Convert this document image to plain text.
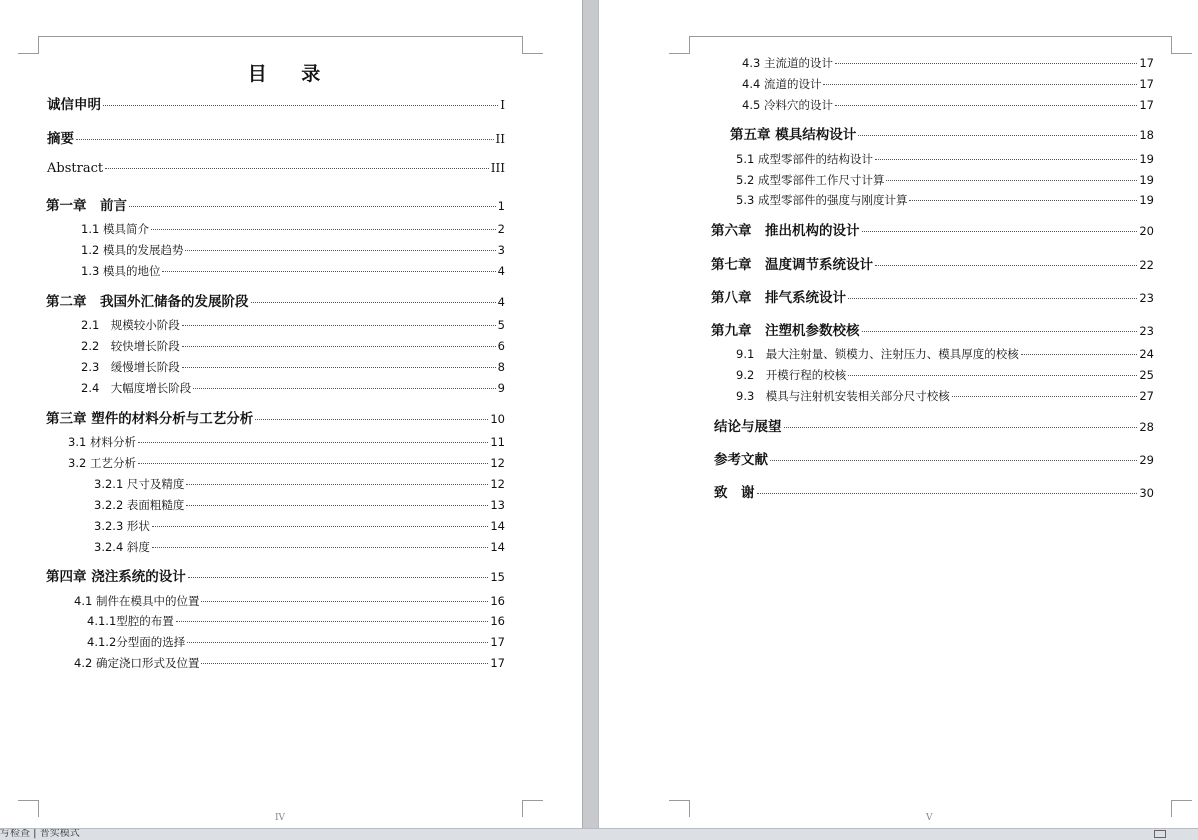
目 录
诚信申明	I
摘要	II
Abstract	III
第一章　前言	1
1.1 模具简介	2
1.2 模具的发展趋势	3
1.3 模具的地位	4
第二章　我国外汇储备的发展阶段	4
2.1　规模较小阶段	5
2.2　较快增长阶段	6
2.3　缓慢增长阶段	8
2.4　大幅度增长阶段	9
第三章 塑件的材料分析与工艺分析	10
3.1 材料分析	11
3.2 工艺分析	12
3.2.1 尺寸及精度	12
3.2.2 表面粗糙度	13
3.2.3 形状	14
3.2.4 斜度	14
第四章 浇注系统的设计	15
4.1 制件在模具中的位置	16
4.1.1型腔的布置	16
4.1.2分型面的选择	17
4.2 确定浇口形式及位置	17
IV
4.3 主流道的设计	17
4.4 流道的设计	17
4.5 冷料穴的设计	17
第五章 模具结构设计	18
5.1 成型零部件的结构设计	19
5.2 成型零部件工作尺寸计算	19
5.3 成型零部件的强度与刚度计算	19
第六章　推出机构的设计	20
第七章　温度调节系统设计	22
第八章　排气系统设计	23
第九章　注塑机参数校核	23
9.1　最大注射量、锁模力、注射压力、模具厚度的校核	24
9.2　开模行程的校核	25
9.3　模具与注射机安装相关部分尺寸校核	27
结论与展望	28
参考文献	29
致　谢	30
V
写检查 | 普实模式
